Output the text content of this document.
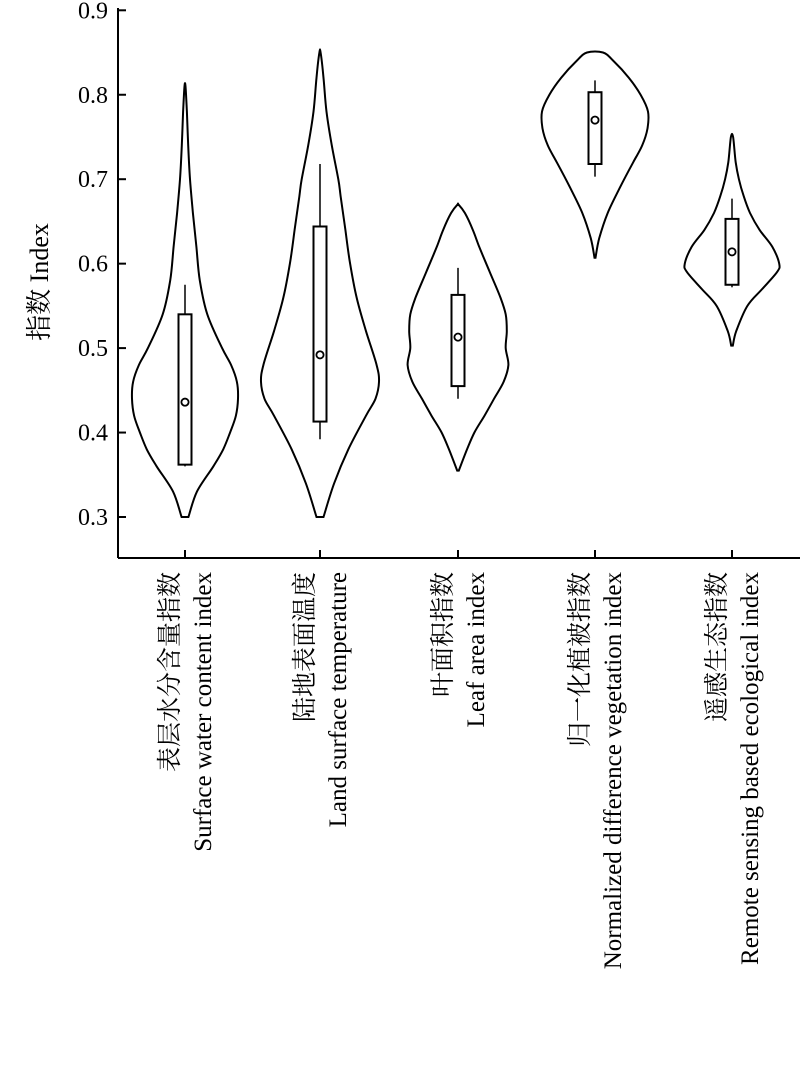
0.3
0.4
0.5
0.6
0.7
0.8
0.9
指数 Index
表层水分含量指数 Surface water content index	陆地表面温度 Land surface temperature	叶面积指数 Leaf area index	归一化植被指数 Normalized difference vegetation index	遥感生态指数 Remote sensing based ecological index
